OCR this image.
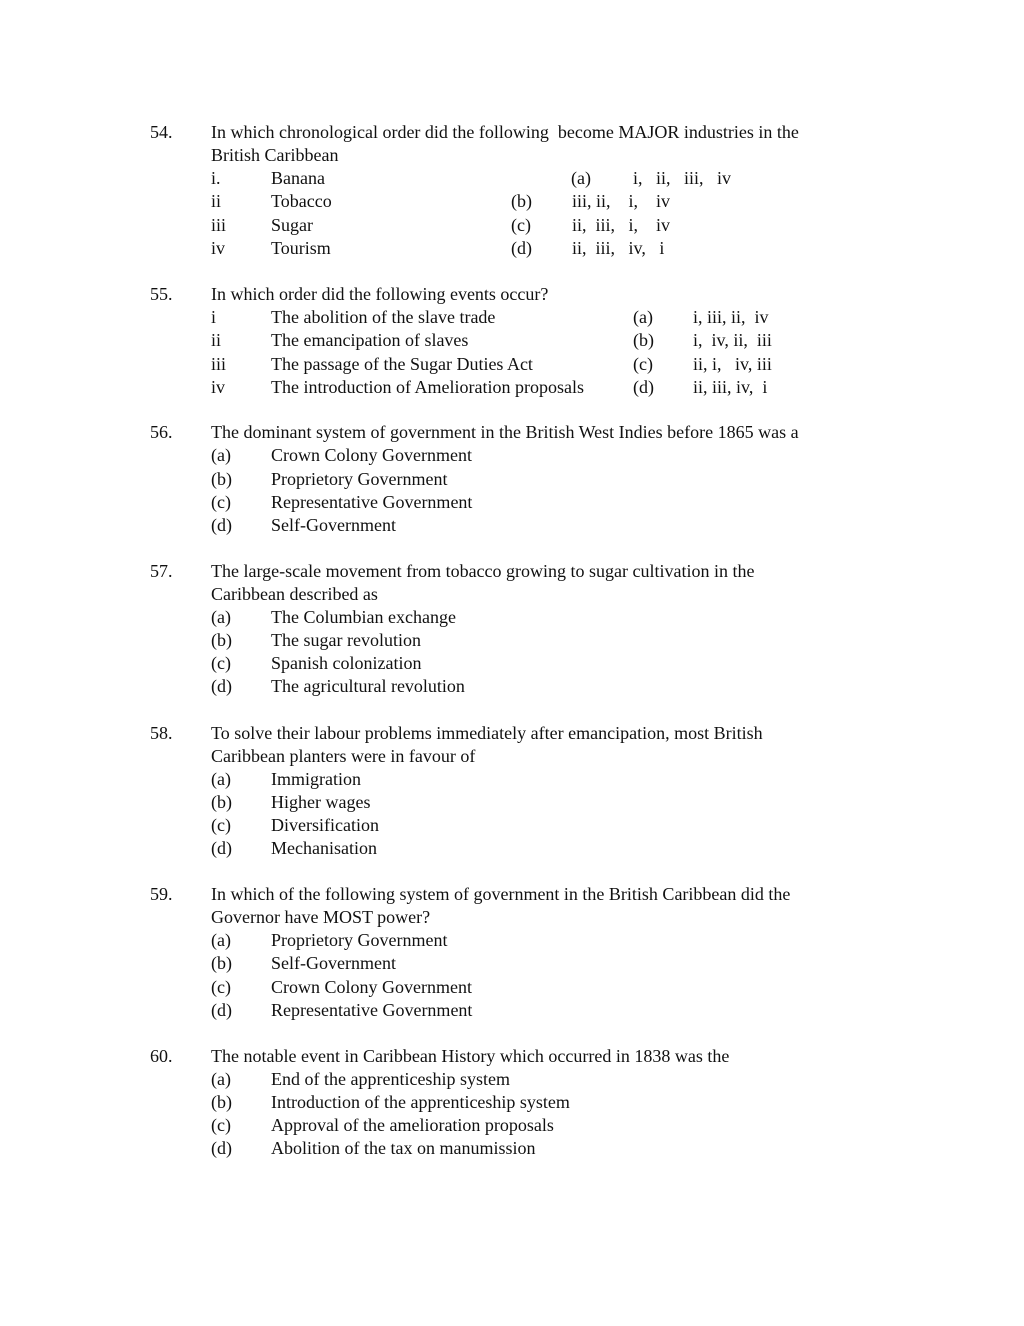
54. In which chronological order did the following  become MAJOR industries in the
British Caribbean
i.	Banana	(a) i,   ii,   iii,   iv
ii	Tobacco	(b) iii, ii,    i,    iv
iii Sugar	(c) ii,  iii,   i,    iv
iv	Tourism	(d) ii,  iii,   iv,   i
55. In which order did the following events occur?
i	The abolition of the slave trade	(a) i, iii, ii,  iv
ii	The emancipation of slaves	(b) i,  iv, ii,  iii
iii The passage of the Sugar Duties Act	(c) ii, i,   iv, iii
iv	The introduction of Amelioration proposals	(d) ii, iii, iv,  i
56. The dominant system of government in the British West Indies before 1865 was a
(a) Crown Colony Government
(b) Proprietory Government
(c) Representative Government
(d) Self-Government
57. The large-scale movement from tobacco growing to sugar cultivation in the
Caribbean described as
(a) The Columbian exchange
(b) The sugar revolution
(c) Spanish colonization
(d) The agricultural revolution
58. To solve their labour problems immediately after emancipation, most British
Caribbean planters were in favour of
(a) Immigration
(b) Higher wages
(c) Diversification
(d) Mechanisation
59. In which of the following system of government in the British Caribbean did the
Governor have MOST power?
(a) Proprietory Government
(b) Self-Government
(c) Crown Colony Government
(d) Representative Government
60. The notable event in Caribbean History which occurred in 1838 was the
(a) End of the apprenticeship system
(b) Introduction of the apprenticeship system
(c) Approval of the amelioration proposals
(d) Abolition of the tax on manumission
